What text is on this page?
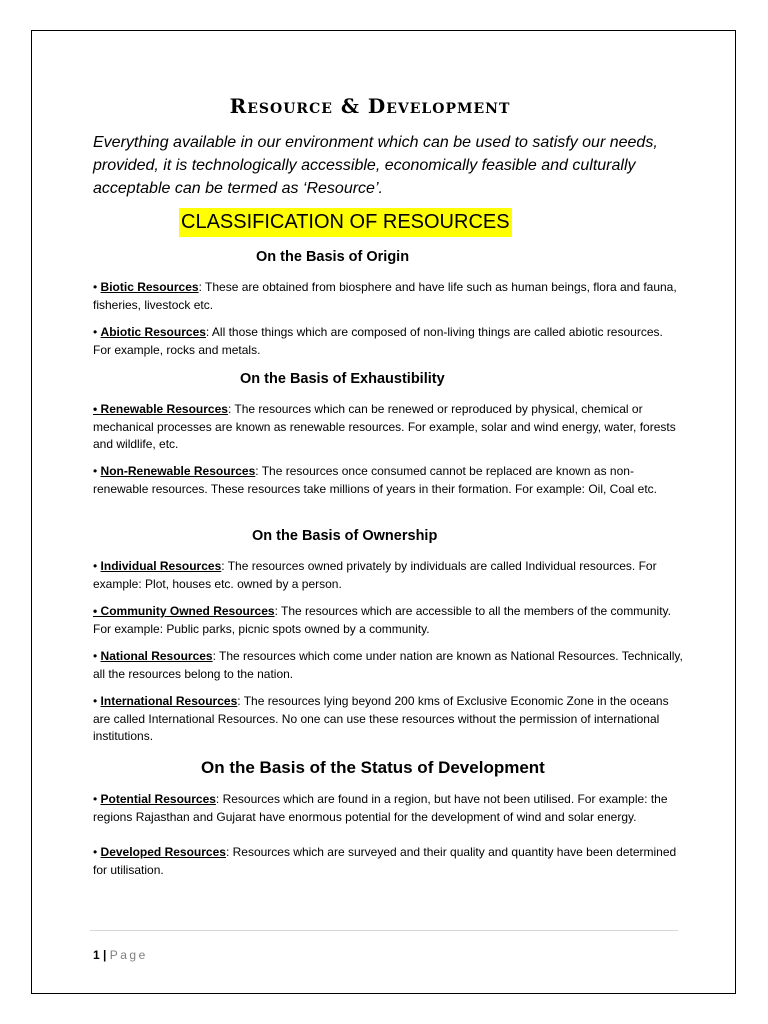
Resource & Development

Everything available in our environment which can be used to satisfy our needs, provided, it is technologically accessible, economically feasible and culturally acceptable can be termed as ‘Resource’.

CLASSIFICATION OF RESOURCES
On the Basis of Origin

• Biotic Resources: These are obtained from biosphere and have life such as human beings, flora and fauna, fisheries, livestock etc.

• Abiotic Resources: All those things which are composed of non-living things are called abiotic resources. For example, rocks and metals.

On the Basis of Exhaustibility

• Renewable Resources: The resources which can be renewed or reproduced by physical, chemical or mechanical processes are known as renewable resources. For example, solar and wind energy, water, forests and wildlife, etc.

• Non-Renewable Resources: The resources once consumed cannot be replaced are known as non-renewable resources. These resources take millions of years in their formation. For example: Oil, Coal etc.

On the Basis of Ownership

• Individual Resources: The resources owned privately by individuals are called Individual resources. For example: Plot, houses etc. owned by a person.

• Community Owned Resources: The resources which are accessible to all the members of the community. For example: Public parks, picnic spots owned by a community.

• National Resources: The resources which come under nation are known as National Resources. Technically, all the resources belong to the nation.

• International Resources: The resources lying beyond 200 kms of Exclusive Economic Zone in the oceans are called International Resources. No one can use these resources without the permission of international institutions.

On the Basis of the Status of Development

• Potential Resources: Resources which are found in a region, but have not been utilised. For example: the regions Rajasthan and Gujarat have enormous potential for the development of wind and solar energy.

• Developed Resources: Resources which are surveyed and their quality and quantity have been determined for utilisation.

1 | Page
